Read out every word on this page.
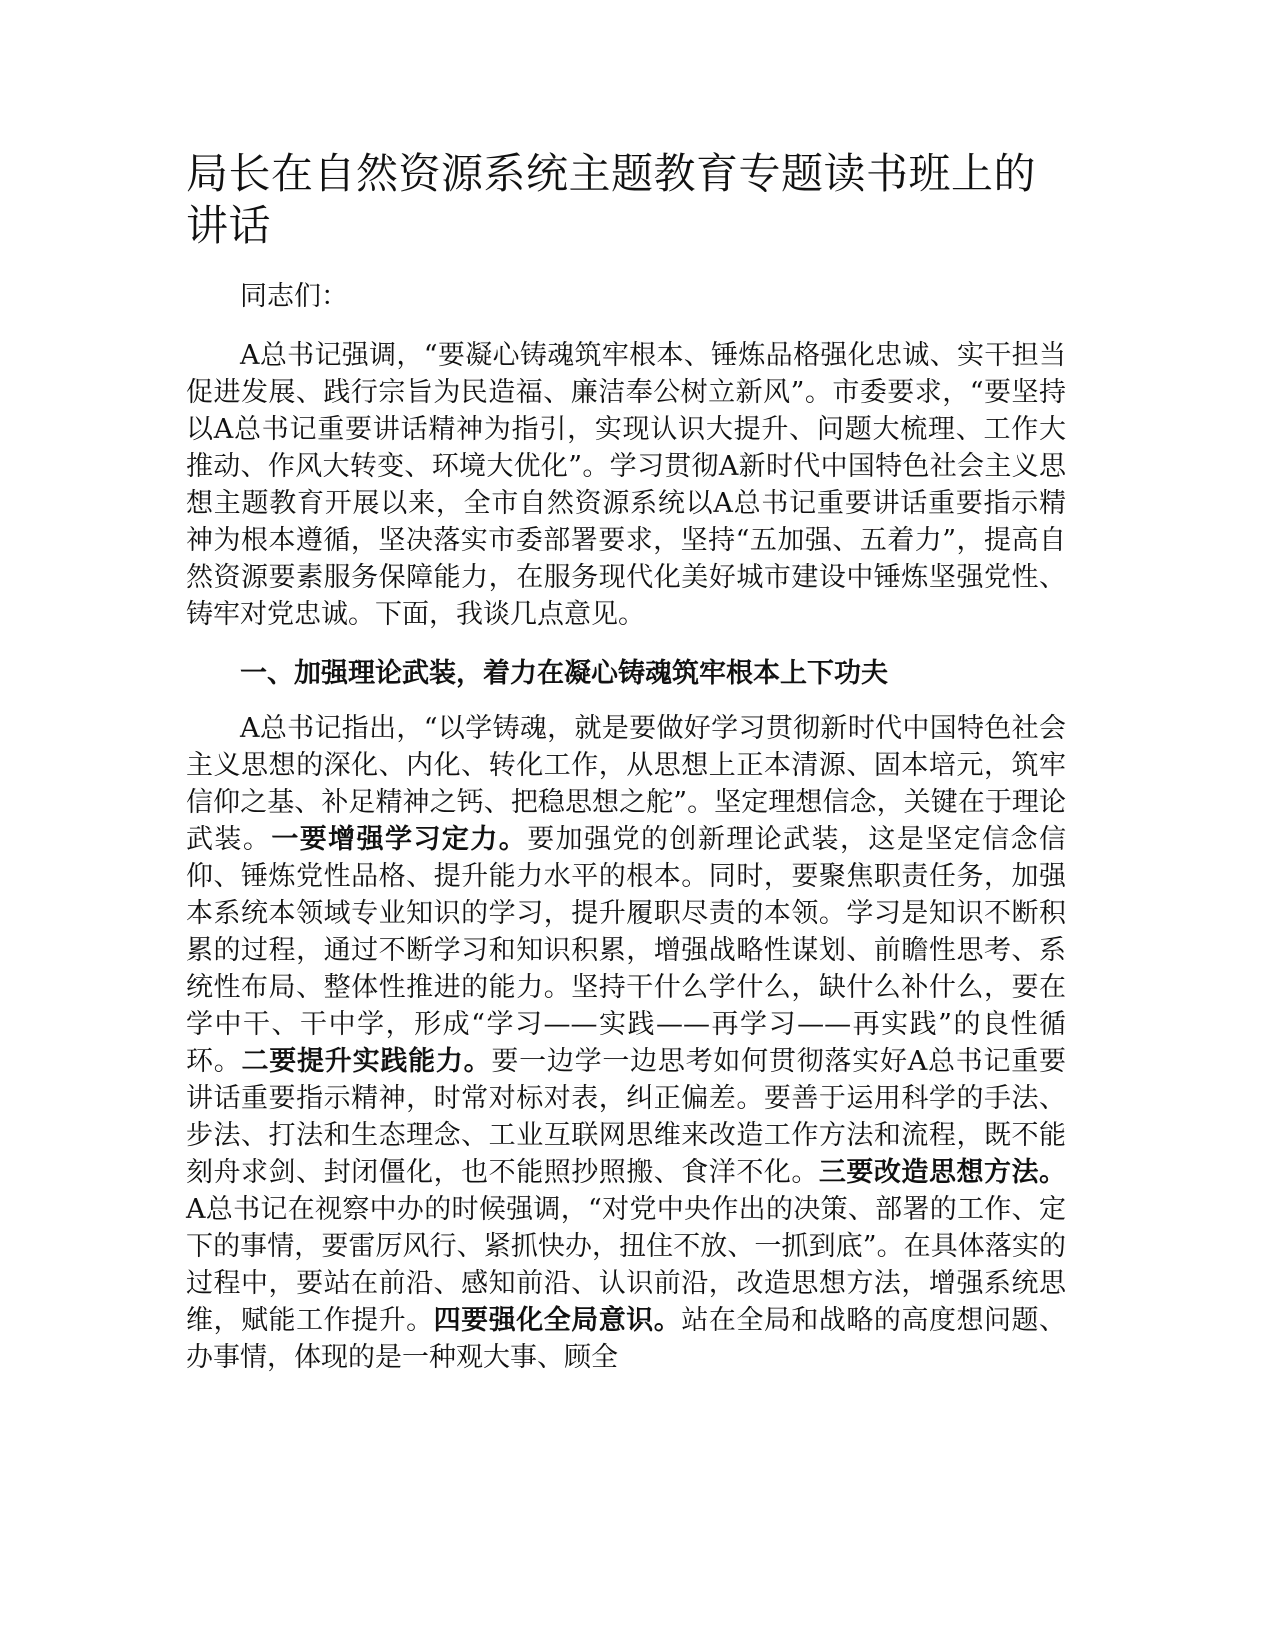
局长在自然资源系统主题教育专题读书班上的讲话

同志们：

A总书记强调，“要凝心铸魂筑牢根本、锤炼品格强化忠诚、实干担当促进发展、践行宗旨为民造福、廉洁奉公树立新风”。市委要求，“要坚持以A总书记重要讲话精神为指引，实现认识大提升、问题大梳理、工作大推动、作风大转变、环境大优化”。学习贯彻A新时代中国特色社会主义思想主题教育开展以来，全市自然资源系统以A总书记重要讲话重要指示精神为根本遵循，坚决落实市委部署要求，坚持“五加强、五着力”，提高自然资源要素服务保障能力，在服务现代化美好城市建设中锤炼坚强党性、铸牢对党忠诚。下面，我谈几点意见。

一、加强理论武装，着力在凝心铸魂筑牢根本上下功夫

A总书记指出，“以学铸魂，就是要做好学习贯彻新时代中国特色社会主义思想的深化、内化、转化工作，从思想上正本清源、固本培元，筑牢信仰之基、补足精神之钙、把稳思想之舵”。坚定理想信念，关键在于理论武装。一要增强学习定力。要加强党的创新理论武装，这是坚定信念信仰、锤炼党性品格、提升能力水平的根本。同时，要聚焦职责任务，加强本系统本领域专业知识的学习，提升履职尽责的本领。学习是知识不断积累的过程，通过不断学习和知识积累，增强战略性谋划、前瞻性思考、系统性布局、整体性推进的能力。坚持干什么学什么，缺什么补什么，要在学中干、干中学，形成“学习——实践——再学习——再实践”的良性循环。二要提升实践能力。要一边学一边思考如何贯彻落实好A总书记重要讲话重要指示精神，时常对标对表，纠正偏差。要善于运用科学的手法、步法、打法和生态理念、工业互联网思维来改造工作方法和流程，既不能刻舟求剑、封闭僵化，也不能照抄照搬、食洋不化。三要改造思想方法。A总书记在视察中办的时候强调，“对党中央作出的决策、部署的工作、定下的事情，要雷厉风行、紧抓快办，扭住不放、一抓到底”。在具体落实的过程中，要站在前沿、感知前沿、认识前沿，改造思想方法，增强系统思维，赋能工作提升。四要强化全局意识。站在全局和战略的高度想问题、办事情，体现的是一种观大事、顾全
